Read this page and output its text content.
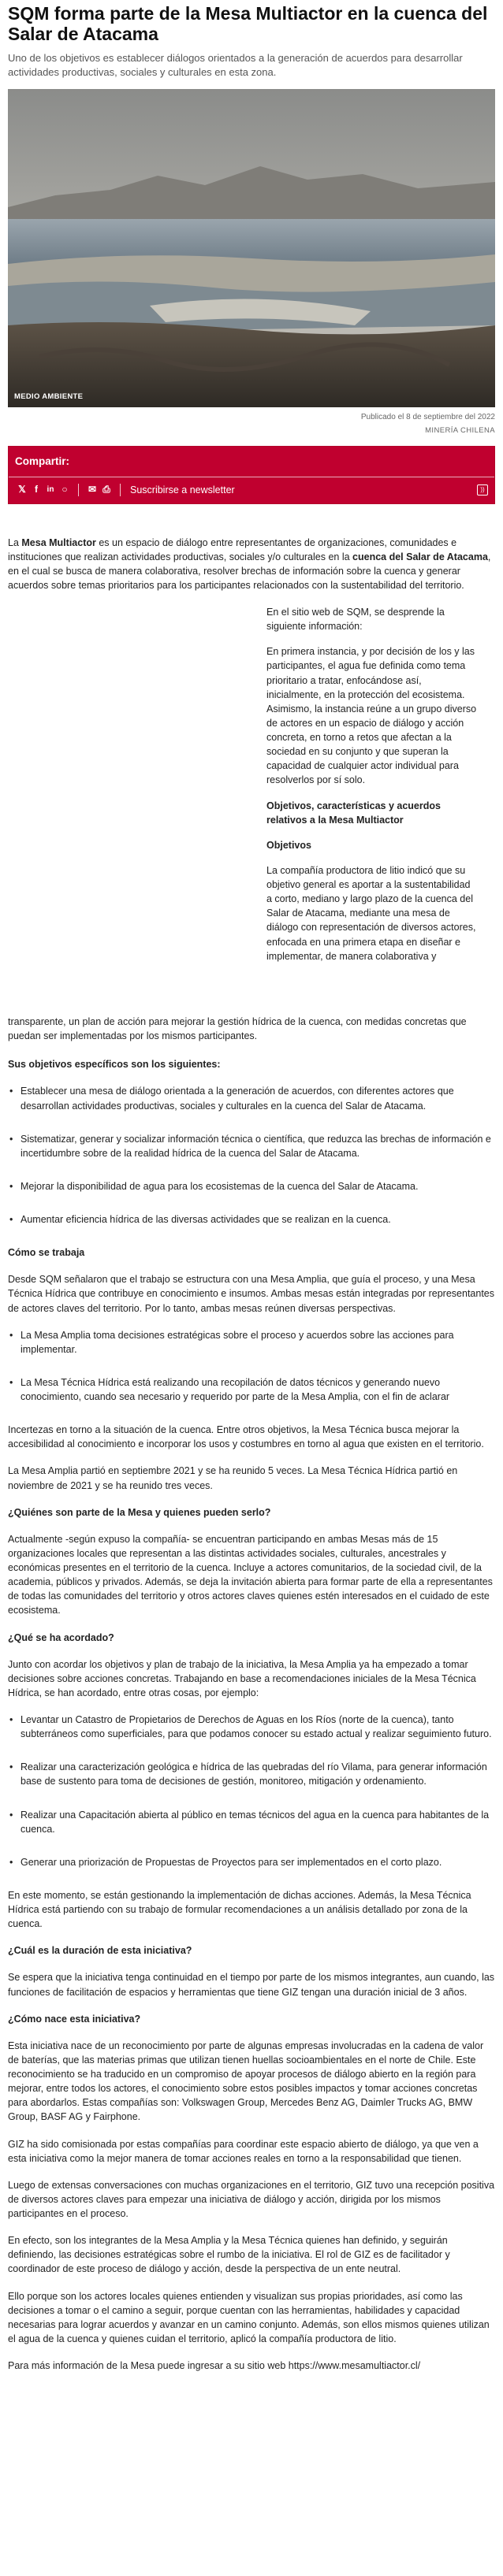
SQM forma parte de la Mesa Multiactor en la cuenca del Salar de Atacama

Uno de los objetivos es establecer diálogos orientados a la generación de acuerdos para desarrollar actividades productivas, sociales y culturales en esta zona.

MEDIO AMBIENTE
Publicado el 8 de septiembre del 2022
MINERÍA CHILENA
Compartir:
𝕏 f	in ○	✉ ⎙	Suscribirse a newsletter	))

La Mesa Multiactor es un espacio de diálogo entre representantes de organizaciones, comunidades e instituciones que realizan actividades productivas, sociales y/o culturales en la cuenca del Salar de Atacama, en el cual se busca de manera colaborativa, resolver brechas de información sobre la cuenca y generar acuerdos sobre temas prioritarios para los participantes relacionados con la sustentabilidad del territorio.

En el sitio web de SQM, se desprende la siguiente información:

En primera instancia, y por decisión de los y las participantes, el agua fue definida como tema prioritario a tratar, enfocándose así, inicialmente, en la protección del ecosistema. Asimismo, la instancia reúne a un grupo diverso de actores en un espacio de diálogo y acción concreta, en torno a retos que afectan a la sociedad en su conjunto y que superan la capacidad de cualquier actor individual para resolverlos por sí solo.

Objetivos, características y acuerdos relativos a la Mesa Multiactor

Objetivos

La compañía productora de litio indicó que su objetivo general es aportar a la sustentabilidad a corto, mediano y largo plazo de la cuenca del Salar de Atacama, mediante una mesa de diálogo con representación de diversos actores, enfocada en una primera etapa en diseñar e implementar, de manera colaborativa y

transparente, un plan de acción para mejorar la gestión hídrica de la cuenca, con medidas concretas que puedan ser implementadas por los mismos participantes.

Sus objetivos específicos son los siguientes:

• Establecer una mesa de diálogo orientada a la generación de acuerdos, con diferentes actores que desarrollan actividades productivas, sociales y culturales en la cuenca del Salar de Atacama.
• Sistematizar, generar y socializar información técnica o científica, que reduzca las brechas de información e incertidumbre sobre de la realidad hídrica de la cuenca del Salar de Atacama.
• Mejorar la disponibilidad de agua para los ecosistemas de la cuenca del Salar de Atacama.
• Aumentar eficiencia hídrica de las diversas actividades que se realizan en la cuenca.

Cómo se trabaja

Desde SQM señalaron que el trabajo se estructura con una Mesa Amplia, que guía el proceso, y una Mesa Técnica Hídrica que contribuye en conocimiento e insumos. Ambas mesas están integradas por representantes de actores claves del territorio. Por lo tanto, ambas mesas reúnen diversas perspectivas.

• La Mesa Amplia toma decisiones estratégicas sobre el proceso y acuerdos sobre las acciones para implementar.
• La Mesa Técnica Hídrica está realizando una recopilación de datos técnicos y generando nuevo conocimiento, cuando sea necesario y requerido por parte de la Mesa Amplia, con el fin de aclarar

Incertezas en torno a la situación de la cuenca. Entre otros objetivos, la Mesa Técnica busca mejorar la accesibilidad al conocimiento e incorporar los usos y costumbres en torno al agua que existen en el territorio.

La Mesa Amplia partió en septiembre 2021 y se ha reunido 5 veces. La Mesa Técnica Hídrica partió en noviembre de 2021 y se ha reunido tres veces.

¿Quiénes son parte de la Mesa y quienes pueden serlo?

Actualmente -según expuso la compañía- se encuentran participando en ambas Mesas más de 15 organizaciones locales que representan a las distintas actividades sociales, culturales, ancestrales y económicas presentes en el territorio de la cuenca. Incluye a actores comunitarios, de la sociedad civil, de la academia, públicos y privados. Además, se deja la invitación abierta para formar parte de ella a representantes de todas las comunidades del territorio y otros actores claves quienes estén interesados en el cuidado de este ecosistema.

¿Qué se ha acordado?

Junto con acordar los objetivos y plan de trabajo de la iniciativa, la Mesa Amplia ya ha empezado a tomar decisiones sobre acciones concretas. Trabajando en base a recomendaciones iniciales de la Mesa Técnica Hídrica, se han acordado, entre otras cosas, por ejemplo:

• Levantar un Catastro de Propietarios de Derechos de Aguas en los Ríos (norte de la cuenca), tanto subterráneos como superficiales, para que podamos conocer su estado actual y realizar seguimiento futuro.
• Realizar una caracterización geológica e hídrica de las quebradas del río Vilama, para generar información base de sustento para toma de decisiones de gestión, monitoreo, mitigación y ordenamiento.
• Realizar una Capacitación abierta al público en temas técnicos del agua en la cuenca para habitantes de la cuenca.
• Generar una priorización de Propuestas de Proyectos para ser implementados en el corto plazo.

En este momento, se están gestionando la implementación de dichas acciones. Además, la Mesa Técnica Hídrica está partiendo con su trabajo de formular recomendaciones a un análisis detallado por zona de la cuenca.

¿Cuál es la duración de esta iniciativa?

Se espera que la iniciativa tenga continuidad en el tiempo por parte de los mismos integrantes, aun cuando, las funciones de facilitación de espacios y herramientas que tiene GIZ tengan una duración inicial de 3 años.

¿Cómo nace esta iniciativa?

Esta iniciativa nace de un reconocimiento por parte de algunas empresas involucradas en la cadena de valor de baterías, que las materias primas que utilizan tienen huellas socioambientales en el norte de Chile. Este reconocimiento se ha traducido en un compromiso de apoyar procesos de diálogo abierto en la región para mejorar, entre todos los actores, el conocimiento sobre estos posibles impactos y tomar acciones concretas para abordarlos. Estas compañías son: Volkswagen Group, Mercedes Benz AG, Daimler Trucks AG, BMW Group, BASF AG y Fairphone.

GIZ ha sido comisionada por estas compañías para coordinar este espacio abierto de diálogo, ya que ven a esta iniciativa como la mejor manera de tomar acciones reales en torno a la responsabilidad que tienen.

Luego de extensas conversaciones con muchas organizaciones en el territorio, GIZ tuvo una recepción positiva de diversos actores claves para empezar una iniciativa de diálogo y acción, dirigida por los mismos participantes en el proceso.

En efecto, son los integrantes de la Mesa Amplia y la Mesa Técnica quienes han definido, y seguirán definiendo, las decisiones estratégicas sobre el rumbo de la iniciativa. El rol de GIZ es de facilitador y coordinador de este proceso de diálogo y acción, desde la perspectiva de un ente neutral.

Ello porque son los actores locales quienes entienden y visualizan sus propias prioridades, así como las decisiones a tomar o el camino a seguir, porque cuentan con las herramientas, habilidades y capacidad necesarias para lograr acuerdos y avanzar en un camino conjunto. Además, son ellos mismos quienes utilizan el agua de la cuenca y quienes cuidan el territorio, aplicó la compañía productora de litio.

Para más información de la Mesa puede ingresar a su sitio web https://www.mesamultiactor.cl/
